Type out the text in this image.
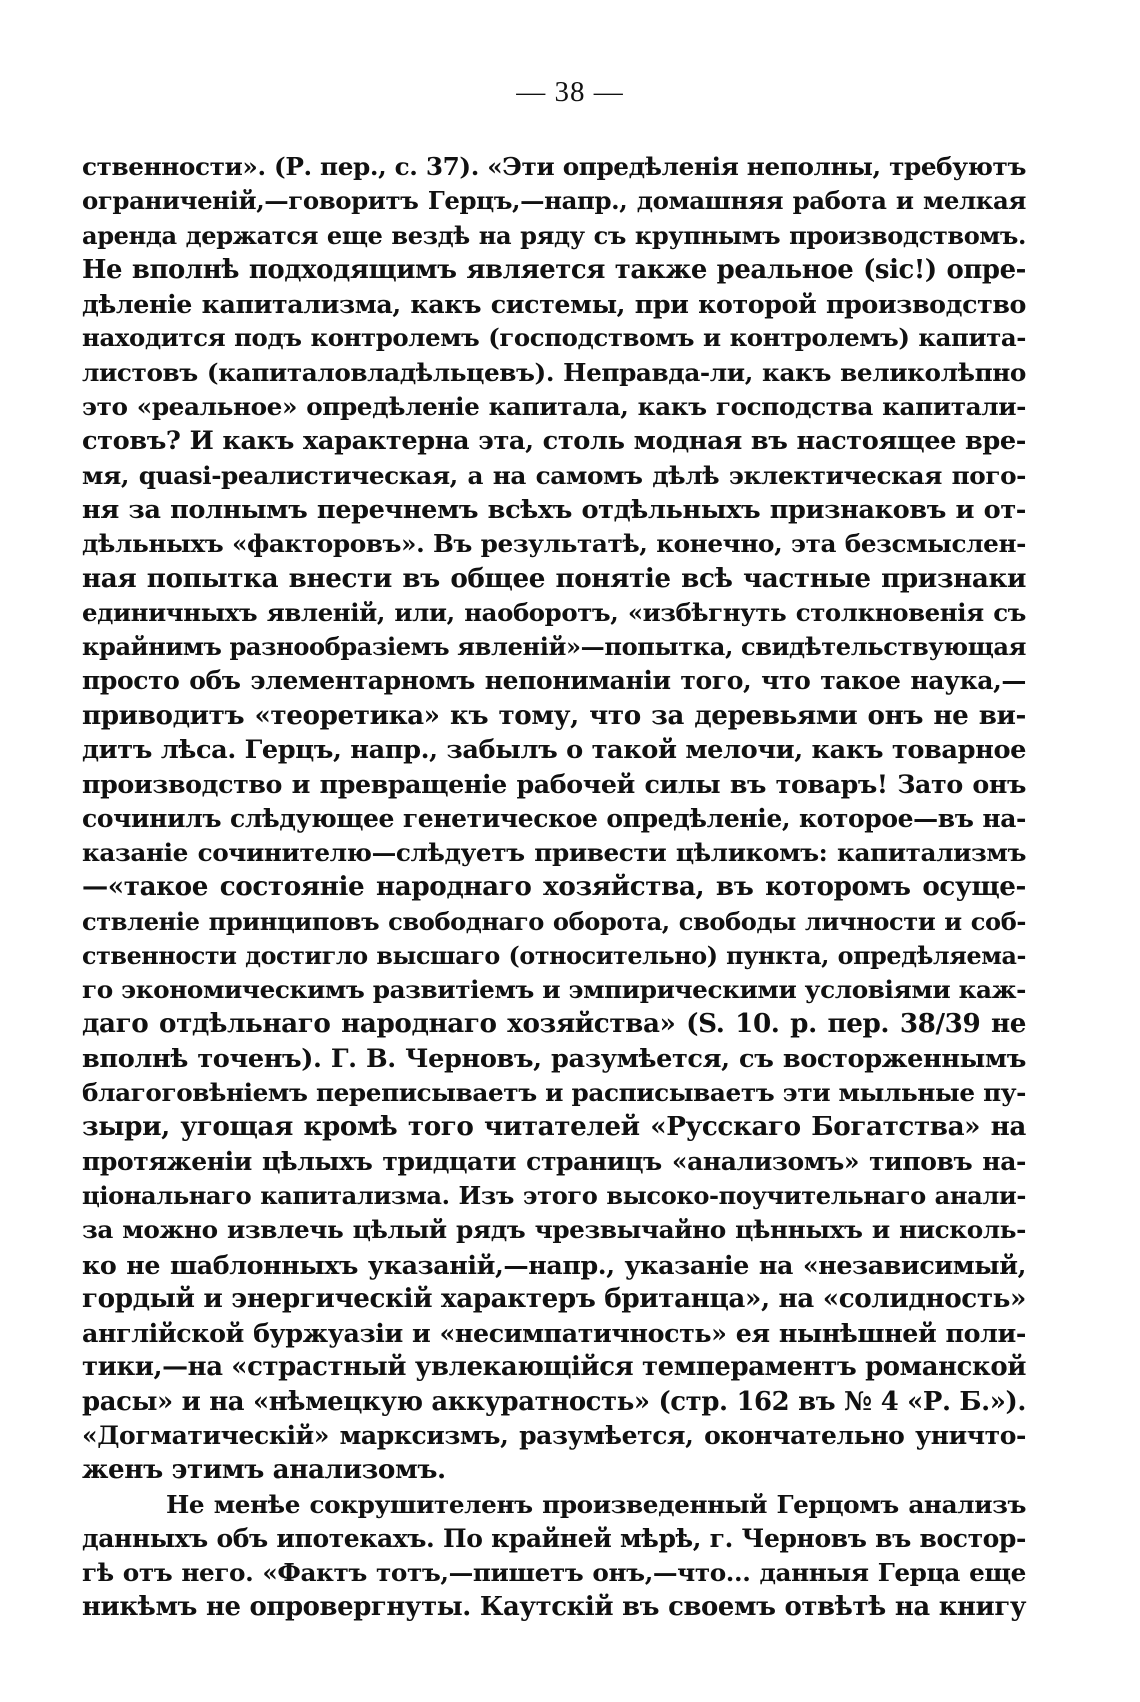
— 38 —
ственности». (Р. пер., с. 37). «Эти опредѣленія неполны, требуютъ
ограниченій,—говоритъ Герцъ,—напр., домашняя работа и мелкая
аренда держатся еще вездѣ на ряду съ крупнымъ производствомъ.
Не вполнѣ подходящимъ является также реальное (sic!) опре-
дѣленіе капитализма, какъ системы, при которой производство
находится подъ контролемъ (господствомъ и контролемъ) капита-
листовъ (капиталовладѣльцевъ). Неправда-ли, какъ великолѣпно
это «реальное» опредѣленіе капитала, какъ господства капитали-
стовъ? И какъ характерна эта, столь модная въ настоящее вре-
мя, quasi-реалистическая, а на самомъ дѣлѣ эклектическая пого-
ня за полнымъ перечнемъ всѣхъ отдѣльныхъ признаковъ и от-
дѣльныхъ «факторовъ». Въ результатѣ, конечно, эта безсмыслен-
ная попытка внести въ общее понятіе всѣ частные признаки
единичныхъ явленій, или, наоборотъ, «избѣгнуть столкновенія съ
крайнимъ разнообразіемъ явленій»—попытка, свидѣтельствующая
просто объ элементарномъ непониманіи того, что такое наука,—
приводитъ «теоретика» къ тому, что за деревьями онъ не ви-
дитъ лѣса. Герцъ, напр., забылъ о такой мелочи, какъ товарное
производство и превращеніе рабочей силы въ товаръ! Зато онъ
сочинилъ слѣдующее генетическое опредѣленіе, которое—въ на-
казаніе сочинителю—слѣдуетъ привести цѣликомъ: капитализмъ
—«такое состояніе народнаго хозяйства, въ которомъ осуще-
ствленіе принциповъ свободнаго оборота, свободы личности и соб-
ственности достигло высшаго (относительно) пункта, опредѣляема-
го экономическимъ развитіемъ и эмпирическими условіями каж-
даго отдѣльнаго народнаго хозяйства» (S. 10. р. пер. 38/39 не
вполнѣ точенъ). Г. В. Черновъ, разумѣется, съ восторженнымъ
благоговѣніемъ переписываетъ и расписываетъ эти мыльные пу-
зыри, угощая кромѣ того читателей «Русскаго Богатства» на
протяженіи цѣлыхъ тридцати страницъ «анализомъ» типовъ на-
ціональнаго капитализма. Изъ этого высоко-поучительнаго анали-
за можно извлечь цѣлый рядъ чрезвычайно цѣнныхъ и нисколь-
ко не шаблонныхъ указаній,—напр., указаніе на «независимый,
гордый и энергическій характеръ британца», на «солидность»
англійской буржуазіи и «несимпатичность» ея нынѣшней поли-
тики,—на «страстный увлекающійся темпераментъ романской
расы» и на «нѣмецкую аккуратность» (стр. 162 въ № 4 «Р. Б.»).
«Догматическій» марксизмъ, разумѣется, окончательно уничто-
женъ этимъ анализомъ.
Не менѣе сокрушителенъ произведенный Герцомъ анализъ
данныхъ объ ипотекахъ. По крайней мѣрѣ, г. Черновъ въ востор-
гѣ отъ него. «Фактъ тотъ,—пишетъ онъ,—что... данныя Герца еще
никѣмъ не опровергнуты. Каутскій въ своемъ отвѣтѣ на книгу
